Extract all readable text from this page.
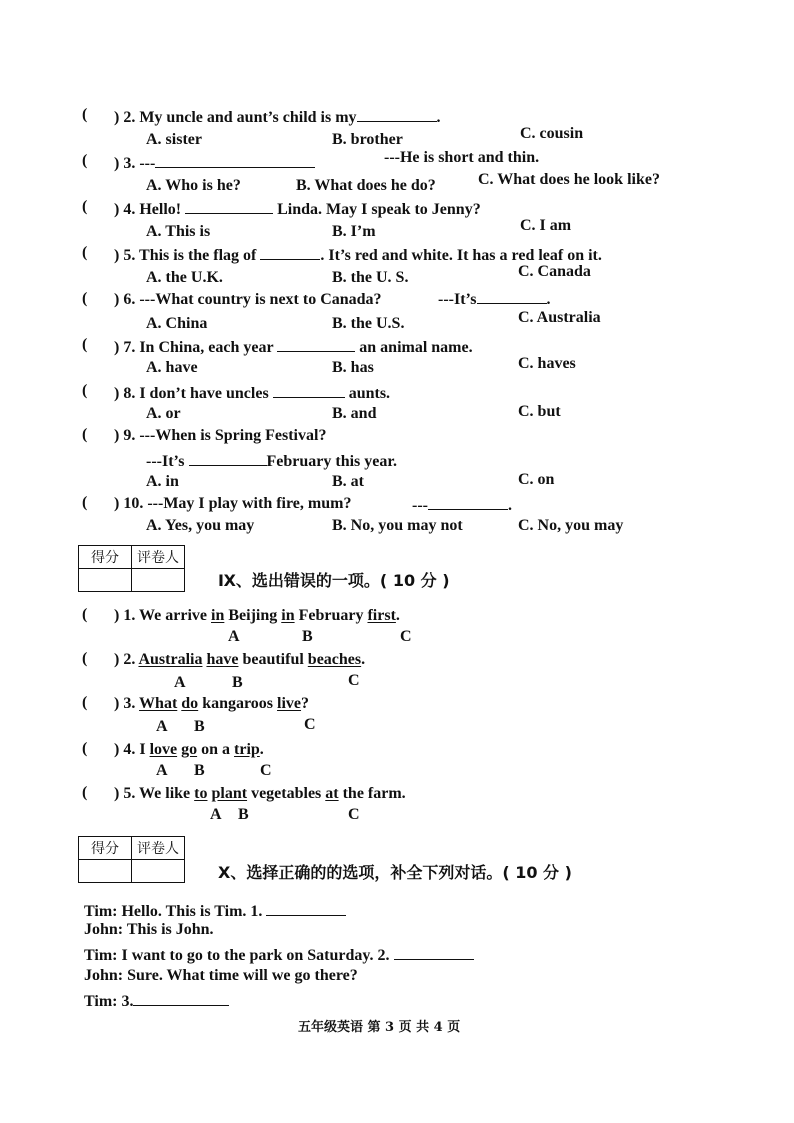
( ) 2. My uncle and aunt’s child is my	.
A. sister	B. brother	C. cousin
( ) 3. ---	---He is short and thin.
A. Who is he?	B. What does he do?	C. What does he look like?
( ) 4. Hello!	Linda. May I speak to Jenny?
A. This is	B. I’m	C. I am
( ) 5. This is the flag of	. It’s red and white. It has a red leaf on it.
A. the U.K.	B. the U. S.	C. Canada
( ) 6. ---What country is next to Canada?	---It’s	.
A. China	B. the U.S.	C. Australia
( ) 7. In China, each year	an animal name.
A. have	B. has	C. haves
( ) 8. I don’t have uncles	aunts.
A. or	B. and	C. but
( ) 9. ---When is Spring Festival?
---It’s	February this year.
A. in	B. at	C. on
( ) 10. ---May I play with fire, mum?	---	.
A. Yes, you may	B. No, you may not	C. No, you may
得分	评卷人

Ⅸ、选出错误的一项。( 10 分 )
( ) 1. We arrive in Beijing in February first.
A	B	C
( ) 2. Australia have beautiful beaches.
A	B	C
( ) 3. What do kangaroos live?
A B	C
( ) 4. I love go on a trip.
A B	C
( ) 5. We like to plant vegetables at the farm.
A B	C
得分	评卷人

Ⅹ、选择正确的的选项，补全下列对话。( 10 分 )
Tim: Hello. This is Tim. 1.
John: This is John.
Tim: I want to go to the park on Saturday. 2.
John: Sure. What time will we go there?
Tim: 3.
五年级英语 第 3 页 共 4 页
